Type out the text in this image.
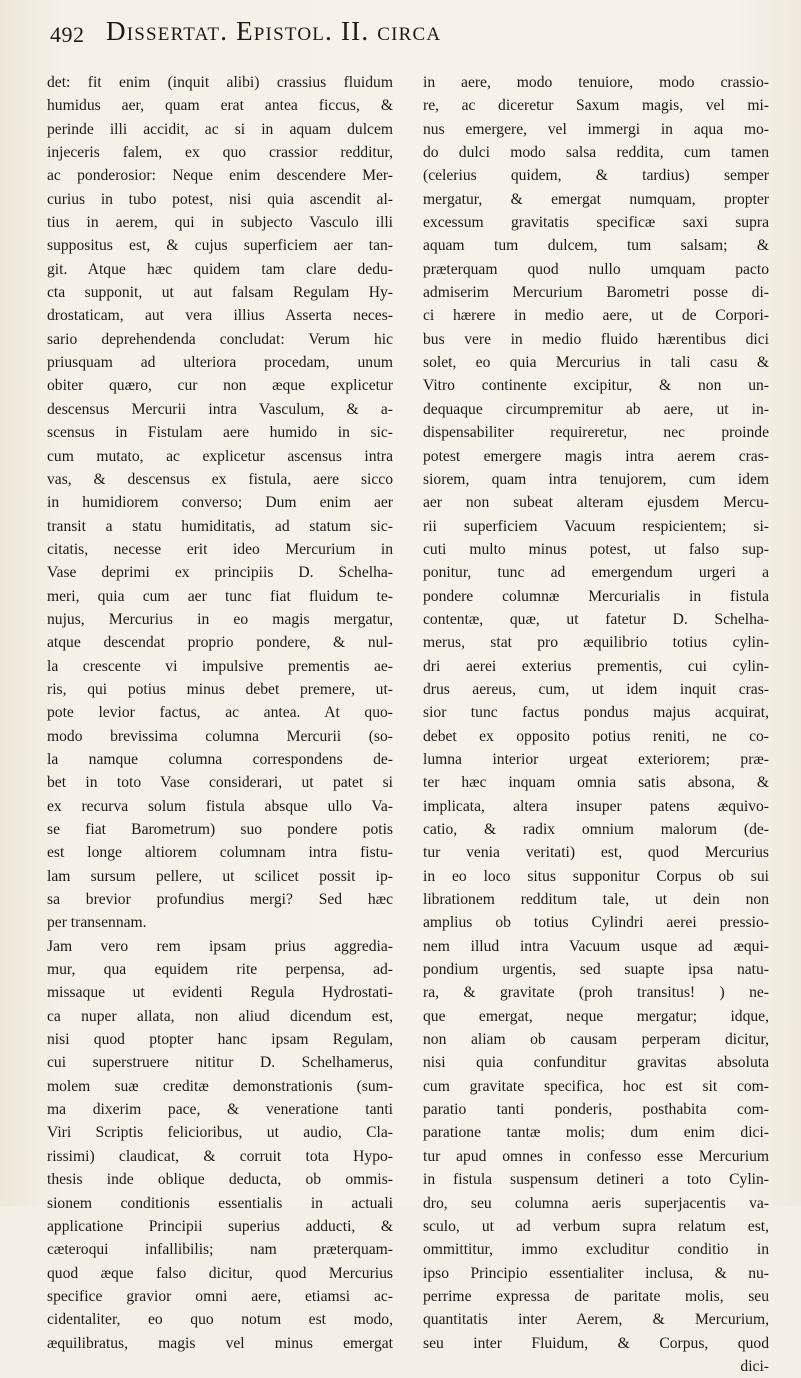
492 Dissertat. Epistol. II. circa
det: fit enim (inquit alibi) crassius fluidum
humidus aer, quam erat antea ficcus, &
perinde illi accidit, ac si in aquam dulcem
injeceris falem, ex quo crassior redditur,
ac ponderosior: Neque enim descendere Mer-
curius in tubo potest, nisi quia ascendit al-
tius in aerem, qui in subjecto Vasculo illi
suppositus est, & cujus superficiem aer tan-
git. Atque hæc quidem tam clare dedu-
cta supponit, ut aut falsam Regulam Hy-
drostaticam, aut vera illius Asserta neces-
sario deprehendenda concludat: Verum hic
priusquam ad ulteriora procedam, unum
obiter quæro, cur non æque explicetur
descensus Mercurii intra Vasculum, & a-
scensus in Fistulam aere humido in sic-
cum mutato, ac explicetur ascensus intra
vas, & descensus ex fistula, aere sicco
in humidiorem converso; Dum enim aer
transit a statu humiditatis, ad statum sic-
citatis, necesse erit ideo Mercurium in
Vase deprimi ex principiis D. Schelha-
meri, quia cum aer tunc fiat fluidum te-
nujus, Mercurius in eo magis mergatur,
atque descendat proprio pondere, & nul-
la crescente vi impulsive prementis ae-
ris, qui potius minus debet premere, ut-
pote levior factus, ac antea. At quo-
modo brevissima columna Mercurii (so-
la namque columna correspondens de-
bet in toto Vase considerari, ut patet si
ex recurva solum fistula absque ullo Va-
se fiat Barometrum) suo pondere potis
est longe altiorem columnam intra fistu-
lam sursum pellere, ut scilicet possit ip-
sa brevior profundius mergi? Sed hæc
per transennam.
Jam vero rem ipsam prius aggredia-
mur, qua equidem rite perpensa, ad-
missaque ut evidenti Regula Hydrostati-
ca nuper allata, non aliud dicendum est,
nisi quod ptopter hanc ipsam Regulam,
cui superstruere nititur D. Schelhamerus,
molem suæ creditæ demonstrationis (sum-
ma dixerim pace, & veneratione tanti
Viri Scriptis felicioribus, ut audio, Cla-
rissimi) claudicat, & corruit tota Hypo-
thesis inde oblique deducta, ob ommis-
sionem conditionis essentialis in actuali
applicatione Principii superius adducti, &
cæteroqui infallibilis; nam præterquam-
quod æque falso dicitur, quod Mercurius
specifice gravior omni aere, etiamsi ac-
cidentaliter, eo quo notum est modo,
æquilibratus, magis vel minus emergat
in aere, modo tenuiore, modo crassio-
re, ac diceretur Saxum magis, vel mi-
nus emergere, vel immergi in aqua mo-
do dulci modo salsa reddita, cum tamen
(celerius quidem, & tardius) semper
mergatur, & emergat numquam, propter
excessum gravitatis specificæ saxi supra
aquam tum dulcem, tum salsam; &
præterquam quod nullo umquam pacto
admiserim Mercurium Barometri posse di-
ci hærere in medio aere, ut de Corpori-
bus vere in medio fluido hærentibus dici
solet, eo quia Mercurius in tali casu &
Vitro continente excipitur, & non un-
dequaque circumpremitur ab aere, ut in-
dispensabiliter requireretur, nec proinde
potest emergere magis intra aerem cras-
siorem, quam intra tenujorem, cum idem
aer non subeat alteram ejusdem Mercu-
rii superficiem Vacuum respicientem; si-
cuti multo minus potest, ut falso sup-
ponitur, tunc ad emergendum urgeri a
pondere columnæ Mercurialis in fistula
contentæ, quæ, ut fatetur D. Schelha-
merus, stat pro æquilibrio totius cylin-
dri aerei exterius prementis, cui cylin-
drus aereus, cum, ut idem inquit cras-
sior tunc factus pondus majus acquirat,
debet ex opposito potius reniti, ne co-
lumna interior urgeat exteriorem; præ-
ter hæc inquam omnia satis absona, &
implicata, altera insuper patens æquivo-
catio, & radix omnium malorum (de-
tur venia veritati) est, quod Mercurius
in eo loco situs supponitur Corpus ob sui
librationem redditum tale, ut dein non
amplius ob totius Cylindri aerei pressio-
nem illud intra Vacuum usque ad æqui-
pondium urgentis, sed suapte ipsa natu-
ra, & gravitate (proh transitus! ) ne-
que emergat, neque mergatur; idque,
non aliam ob causam perperam dicitur,
nisi quia confunditur gravitas absoluta
cum gravitate specifica, hoc est sit com-
paratio tanti ponderis, posthabita com-
paratione tantæ molis; dum enim dici-
tur apud omnes in confesso esse Mercurium
in fistula suspensum detineri a toto Cylin-
dro, seu columna aeris superjacentis va-
sculo, ut ad verbum supra relatum est,
ommittitur, immo excluditur conditio in
ipso Principio essentialiter inclusa, & nu-
perrime expressa de paritate molis, seu
quantitatis inter Aerem, & Mercurium,
seu inter Fluidum, & Corpus, quod
dici-
